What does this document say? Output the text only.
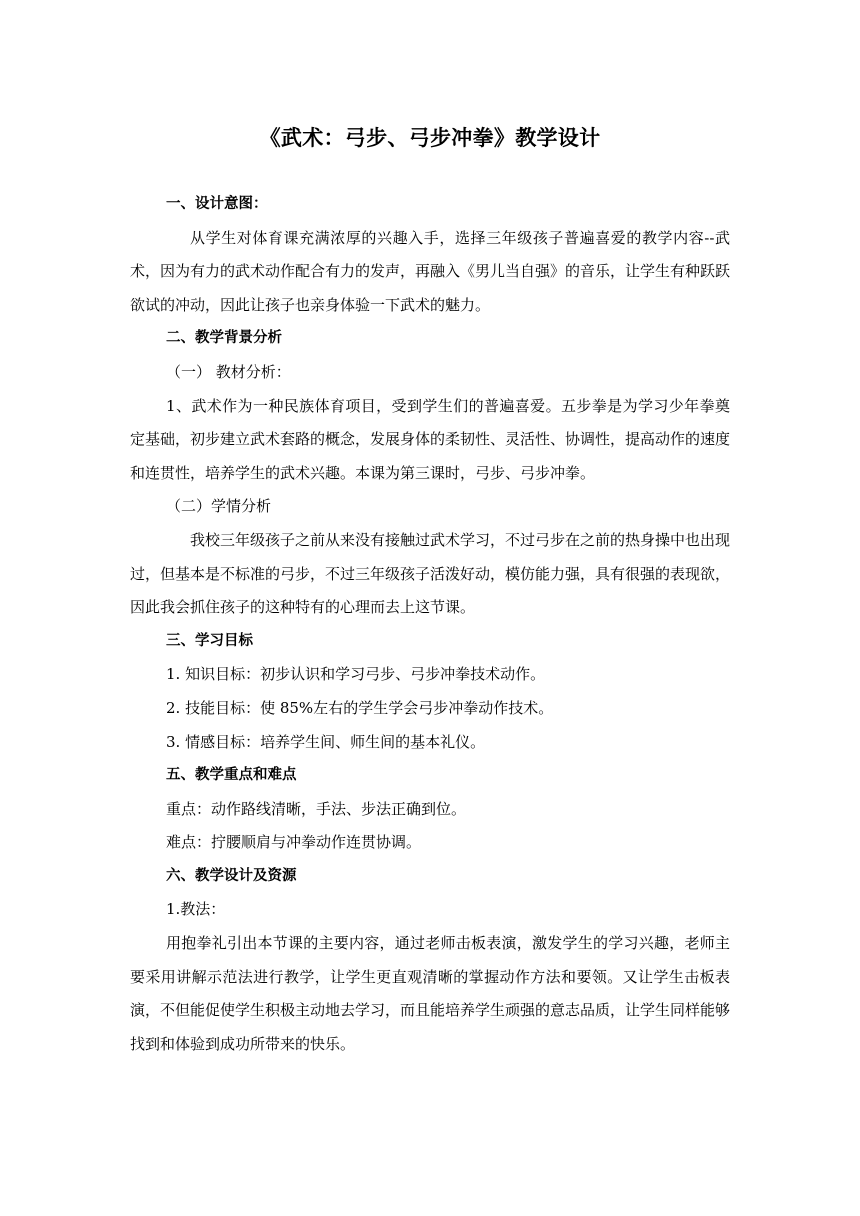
《武术：弓步、弓步冲拳》教学设计

一、设计意图：

从学生对体育课充满浓厚的兴趣入手，选择三年级孩子普遍喜爱的教学内容--武术，因为有力的武术动作配合有力的发声，再融入《男儿当自强》的音乐，让学生有种跃跃欲试的冲动，因此让孩子也亲身体验一下武术的魅力。

二、教学背景分析

（一） 教材分析：

1、武术作为一种民族体育项目，受到学生们的普遍喜爱。五步拳是为学习少年拳奠定基础，初步建立武术套路的概念，发展身体的柔韧性、灵活性、协调性，提高动作的速度和连贯性，培养学生的武术兴趣。本课为第三课时，弓步、弓步冲拳。

（二）学情分析

我校三年级孩子之前从来没有接触过武术学习，不过弓步在之前的热身操中也出现过，但基本是不标准的弓步，不过三年级孩子活泼好动，模仿能力强，具有很强的表现欲，因此我会抓住孩子的这种特有的心理而去上这节课。

三、学习目标

1. 知识目标：初步认识和学习弓步、弓步冲拳技术动作。

2. 技能目标：使 85%左右的学生学会弓步冲拳动作技术。

3. 情感目标：培养学生间、师生间的基本礼仪。

五、教学重点和难点

重点：动作路线清晰，手法、步法正确到位。

难点：拧腰顺肩与冲拳动作连贯协调。

六、教学设计及资源

1.教法：

用抱拳礼引出本节课的主要内容，通过老师击板表演，激发学生的学习兴趣，老师主要采用讲解示范法进行教学，让学生更直观清晰的掌握动作方法和要领。又让学生击板表演，不但能促使学生积极主动地去学习，而且能培养学生顽强的意志品质，让学生同样能够找到和体验到成功所带来的快乐。
